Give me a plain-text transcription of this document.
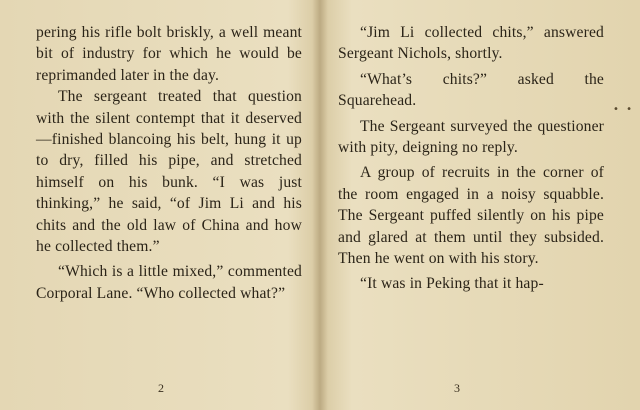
pering his rifle bolt briskly, a well meant bit of industry for which he would be reprimanded later in the day.

The sergeant treated that question with the silent contempt that it deserved—finished blancoing his belt, hung it up to dry, filled his pipe, and stretched himself on his bunk. “I was just thinking,” he said, “of Jim Li and his chits and the old law of China and how he collected them.”

“Which is a little mixed,” commented Corporal Lane. “Who collected what?”

2

“Jim Li collected chits,” answered Sergeant Nichols, shortly.

“What’s chits?” asked the Squarehead.

The Sergeant surveyed the questioner with pity, deigning no reply.

A group of recruits in the corner of the room engaged in a noisy squabble. The Sergeant puffed silently on his pipe and glared at them until they subsided. Then he went on with his story.

“It was in Peking that it hap-

3
• •
